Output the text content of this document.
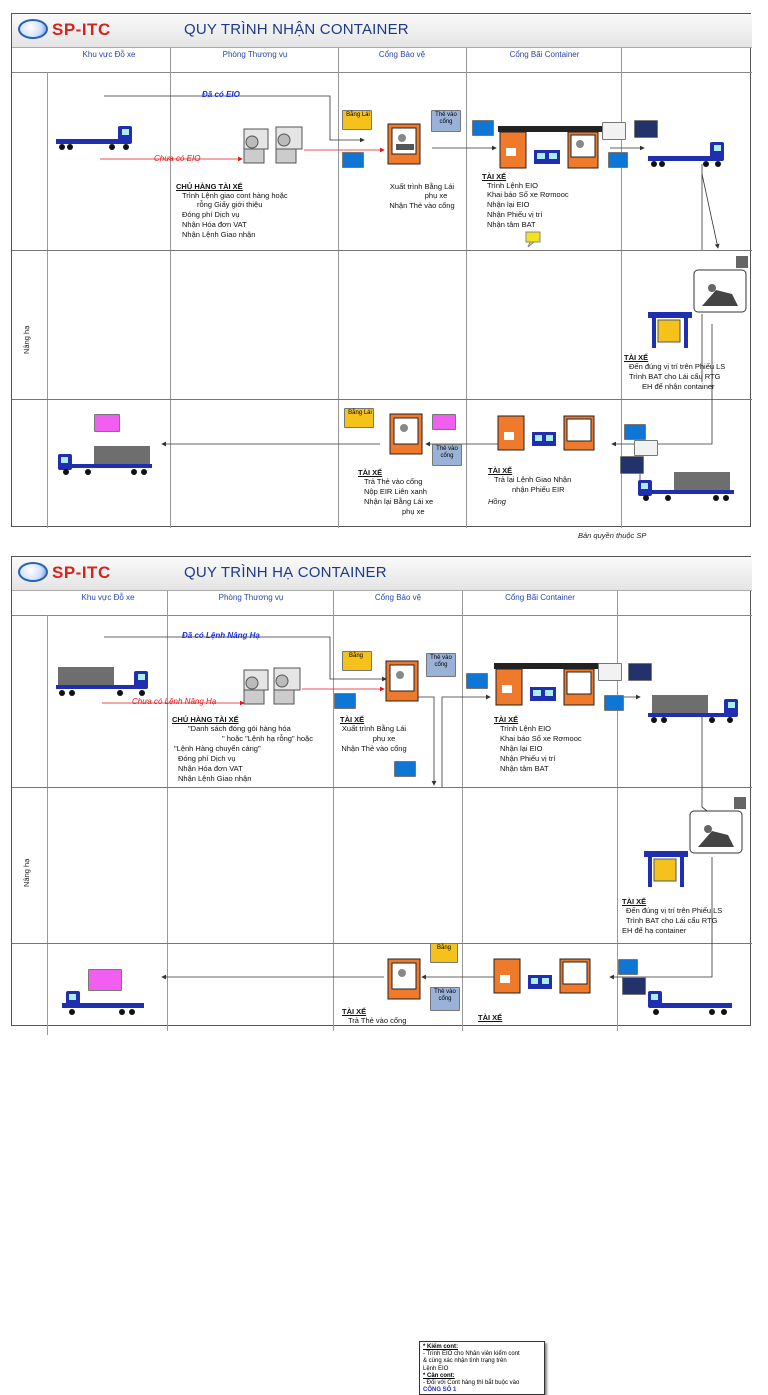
SP-ITC	QUY TRÌNH NHẬN CONTAINER
Khu vực Đỗ xe	Phòng Thương vụ	Cổng Bảo vệ	Cổng Bãi Container
Nâng hạ
Đã có EIO
Chưa có EIO
Bằng Lái	Thẻ vào cổng
Bằng Lái
Thẻ vào cổng
CHỦ HÀNG TÀI XẾ
Trình Lệnh giao cont hàng hoặc
rỗng Giấy giới thiệu
Đóng phí Dịch vụ
Nhận Hóa đơn VAT
Nhận Lệnh Giao nhận
Xuất trình Bằng Lái
phụ xe
Nhận Thẻ vào cổng
TÀI XẾ
Trình Lệnh EIO
Khai báo Số xe Rơmooc
Nhận lại EIO
Nhận Phiếu vị trí
Nhận tâm BAT
TÀI XẾ
Đến đúng vị trí trên Phiếu LS
Trình BAT cho Lái cẩu RTG
EH để nhận container
TÀI XẾ
Trả Thẻ vào cổng
Nộp EIR Liên xanh
Nhận lại Bằng Lái xe
phụ xe
TÀI XẾ
Trả lại Lệnh Giao Nhận
nhận Phiếu EIR
Hồng
Bản quyền thuộc SP
SP-ITC	QUY TRÌNH HẠ CONTAINER
Khu vực Đỗ xe	Phòng Thương vụ	Cổng Bảo vệ	Cổng Bãi Container
Nâng hạ
Đã có Lệnh Nâng Hạ
Chưa có Lệnh Nâng Hạ
Bằng	Thẻ vào cổng
Bằng
Thẻ vào cổng
* Kiểm cont:
- Trình EIO cho Nhân viên kiểm cont
& cùng xác nhận tình trạng trên
Lệnh EIO
* Cân cont:
- Đối với Cont hàng thì bắt buộc vào
CỔNG SỐ 1
CHỦ HÀNG TÀI XẾ
"Danh sách đóng gói hàng hóa
" hoặc "Lệnh hạ rỗng" hoặc
"Lệnh Hàng chuyển cảng"
Đóng phí Dịch vụ
Nhận Hóa đơn VAT
Nhận Lệnh Giao nhận
TÀI XẾ
Xuất trình Bằng Lái
phụ xe
Nhận Thẻ vào cổng
TÀI XẾ
Trình Lệnh EIO
Khai báo Số xe Rơmooc
Nhận lại EIO
Nhận Phiếu vị trí
Nhận tâm BAT
TÀI XẾ
Đến đúng vị trí trên Phiếu LS
Trình BAT cho Lái cẩu RTG
EH để hạ container
TÀI XẾ
Trả Thẻ vào cổng	TÀI XẾ
